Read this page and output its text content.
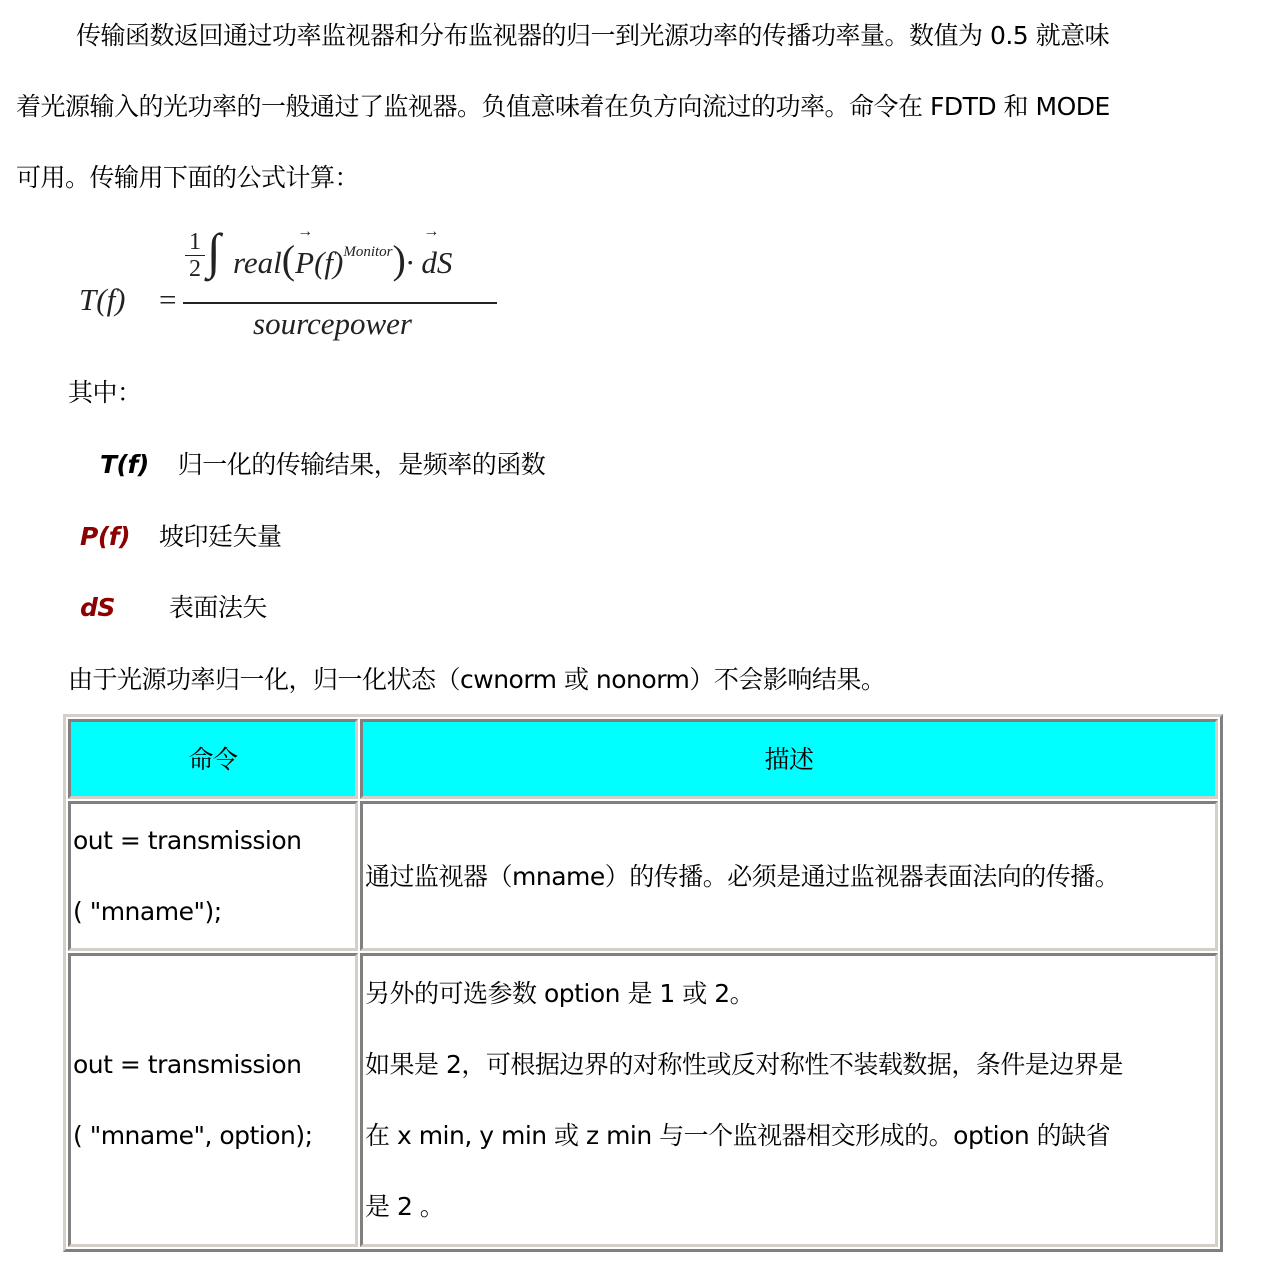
传输函数返回通过功率监视器和分布监视器的归一到光源功率的传播功率量。数值为 0.5 就意味
着光源输入的光功率的一般通过了监视器。负值意味着在负方向流过的功率。命令在 FDTD 和 MODE
可用。传输用下面的公式计算：
T(f) =
1
2 ∫ real(→ $P(f)^{Monitor})\cdot$ → dS
sourcepower
其中：
T(f) 归一化的传输结果，是频率的函数
P(f) 坡印廷矢量
dS 表面法矢
由于光源功率归一化，归一化状态（cwnorm 或 nonorm）不会影响结果。
命令	描述

out = transmission
( "mname");	通过监视器（mname）的传播。必须是通过监视器表面法向的传播。

out = transmission
( "mname", option);	另外的可选参数 option 是 1 或 2。
如果是 2，可根据边界的对称性或反对称性不装载数据，条件是边界是
在 x min, y min 或 z min 与一个监视器相交形成的。option 的缺省
是 2 。
